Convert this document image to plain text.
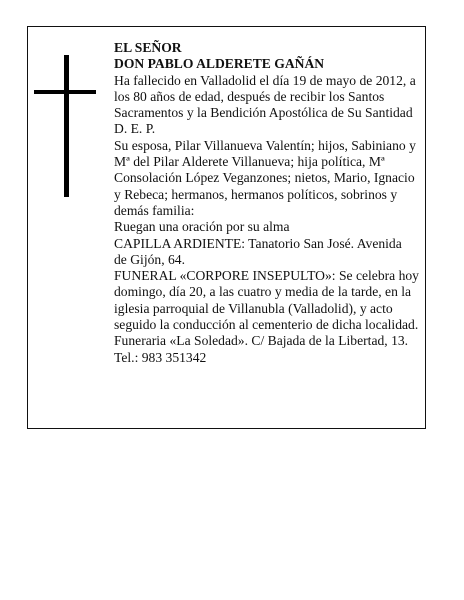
EL SEÑOR
DON PABLO ALDERETE GAÑÁN
Ha fallecido en Valladolid el día 19 de mayo de 2012, a
los 80 años de edad, después de recibir los Santos
Sacramentos y la Bendición Apostólica de Su Santidad
D. E. P.
Su esposa, Pilar Villanueva Valentín; hijos, Sabiniano y
Mª del Pilar Alderete Villanueva; hija política, Mª
Consolación López Veganzones; nietos, Mario, Ignacio
y Rebeca; hermanos, hermanos políticos, sobrinos y
demás familia:
Ruegan una oración por su alma
CAPILLA ARDIENTE: Tanatorio San José. Avenida
de Gijón, 64.
FUNERAL «CORPORE INSEPULTO»: Se celebra hoy
domingo, día 20, a las cuatro y media de la tarde, en la
iglesia parroquial de Villanubla (Valladolid), y acto
seguido la conducción al cementerio de dicha localidad.
Funeraria «La Soledad». C/ Bajada de la Libertad, 13.
Tel.: 983 351342
